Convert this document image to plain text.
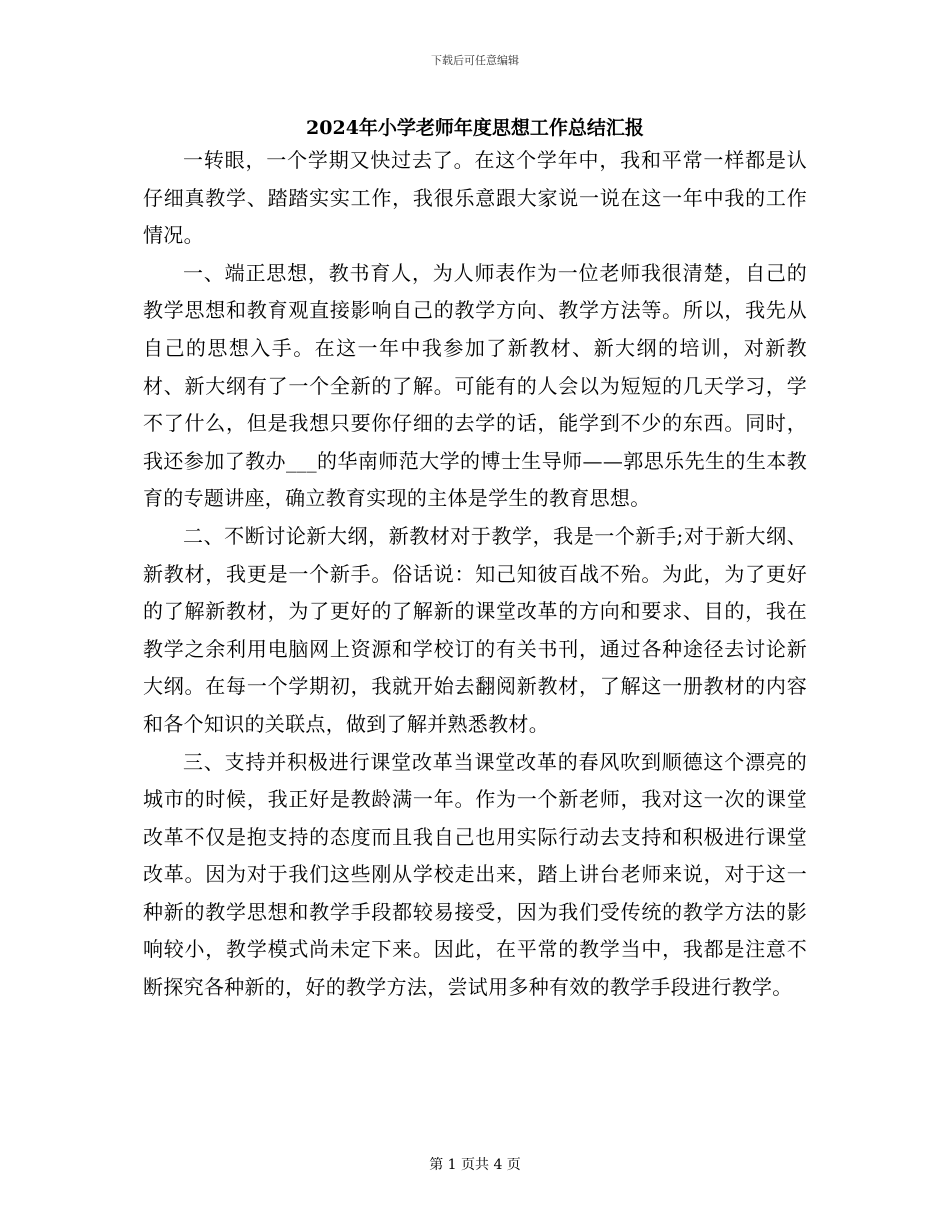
下载后可任意编辑
2024年小学老师年度思想工作总结汇报

一转眼，一个学期又快过去了。在这个学年中，我和平常一样都是认仔细真教学、踏踏实实工作，我很乐意跟大家说一说在这一年中我的工作情况。

一、端正思想，教书育人，为人师表作为一位老师我很清楚，自己的教学思想和教育观直接影响自己的教学方向、教学方法等。所以，我先从自己的思想入手。在这一年中我参加了新教材、新大纲的培训，对新教材、新大纲有了一个全新的了解。可能有的人会以为短短的几天学习，学不了什么，但是我想只要你仔细的去学的话，能学到不少的东西。同时，我还参加了教办___的华南师范大学的博士生导师——郭思乐先生的生本教育的专题讲座，确立教育实现的主体是学生的教育思想。

二、不断讨论新大纲，新教材对于教学，我是一个新手;对于新大纲、新教材，我更是一个新手。俗话说：知己知彼百战不殆。为此，为了更好的了解新教材，为了更好的了解新的课堂改革的方向和要求、目的，我在教学之余利用电脑网上资源和学校订的有关书刊，通过各种途径去讨论新大纲。在每一个学期初，我就开始去翻阅新教材，了解这一册教材的内容和各个知识的关联点，做到了解并熟悉教材。

三、支持并积极进行课堂改革当课堂改革的春风吹到顺德这个漂亮的城市的时候，我正好是教龄满一年。作为一个新老师，我对这一次的课堂改革不仅是抱支持的态度而且我自己也用实际行动去支持和积极进行课堂改革。因为对于我们这些刚从学校走出来，踏上讲台老师来说，对于这一种新的教学思想和教学手段都较易接受，因为我们受传统的教学方法的影响较小，教学模式尚未定下来。因此，在平常的教学当中，我都是注意不断探究各种新的，好的教学方法，尝试用多种有效的教学手段进行教学。

第 1 页共 4 页
